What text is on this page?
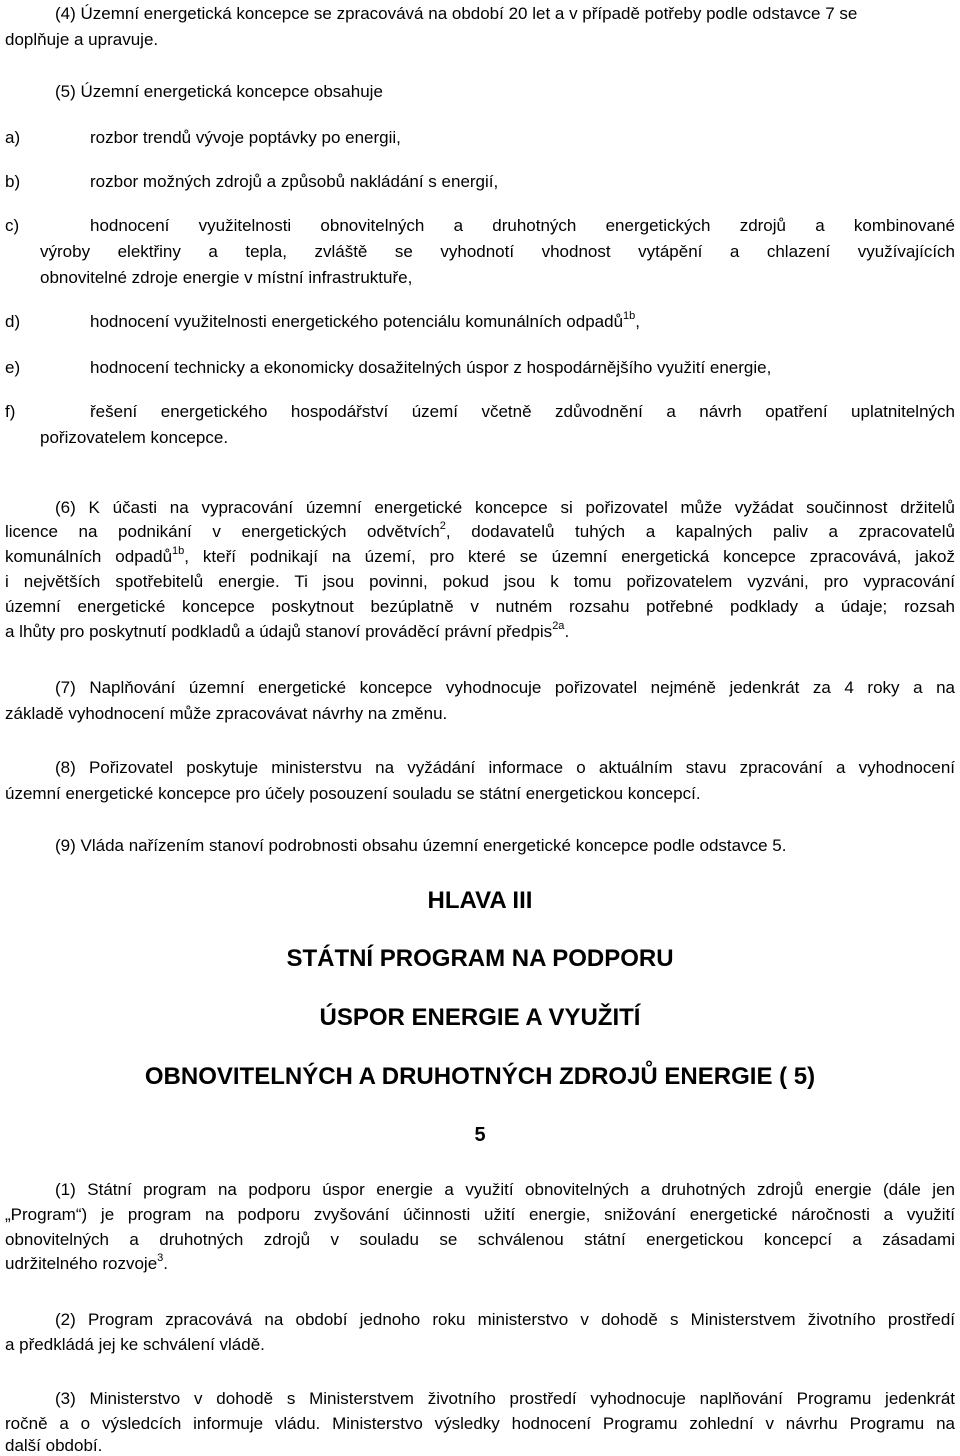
(4) Územní energetická koncepce se zpracovává na období 20 let a v případě potřeby podle odstavce 7 se
doplňuje a upravuje.
(5) Územní energetická koncepce obsahuje
a)	rozbor trendů vývoje poptávky po energii,
b)	rozbor možných zdrojů a způsobů nakládání s energií,
c)	hodnocení využitelnosti obnovitelných a druhotných energetických zdrojů a kombinované
výroby elektřiny a tepla, zvláště se vyhodnotí vhodnost vytápění a chlazení využívajících
obnovitelné zdroje energie v místní infrastruktuře,
d)	hodnocení využitelnosti energetického potenciálu komunálních odpadů$^{1b}$,
e)	hodnocení technicky a ekonomicky dosažitelných úspor z hospodárnějšího využití energie,
f)	řešení energetického hospodářství území včetně zdůvodnění a návrh opatření uplatnitelných
pořizovatelem koncepce.
(6) K účasti na vypracování územní energetické koncepce si pořizovatel může vyžádat součinnost držitelů
licence na podnikání v energetických odvětvích$^2$, dodavatelů tuhých a kapalných paliv a zpracovatelů
komunálních odpadů$^{1b}$, kteří podnikají na území, pro které se územní energetická koncepce zpracovává, jakož
i největších spotřebitelů energie. Ti jsou povinni, pokud jsou k tomu pořizovatelem vyzváni, pro vypracování
územní energetické koncepce poskytnout bezúplatně v nutném rozsahu potřebné podklady a údaje; rozsah
a lhůty pro poskytnutí podkladů a údajů stanoví prováděcí právní předpis$^{2a}$.
(7) Naplňování územní energetické koncepce vyhodnocuje pořizovatel nejméně jedenkrát za 4 roky a na
základě vyhodnocení může zpracovávat návrhy na změnu.
(8) Pořizovatel poskytuje ministerstvu na vyžádání informace o aktuálním stavu zpracování a vyhodnocení
územní energetické koncepce pro účely posouzení souladu se státní energetickou koncepcí.
(9) Vláda nařízením stanoví podrobnosti obsahu územní energetické koncepce podle odstavce 5.
HLAVA III
STÁTNÍ PROGRAM NA PODPORU
ÚSPOR ENERGIE A VYUŽITÍ
OBNOVITELNÝCH A DRUHOTNÝCH ZDROJŮ ENERGIE ( 5)
5
(1) Státní program na podporu úspor energie a využití obnovitelných a druhotných zdrojů energie (dále jen
„Program“) je program na podporu zvyšování účinnosti užití energie, snižování energetické náročnosti a využití
obnovitelných a druhotných zdrojů v souladu se schválenou státní energetickou koncepcí a zásadami
udržitelného rozvoje$^3$.
(2) Program zpracovává na období jednoho roku ministerstvo v dohodě s Ministerstvem životního prostředí
a předkládá jej ke schválení vládě.
(3) Ministerstvo v dohodě s Ministerstvem životního prostředí vyhodnocuje naplňování Programu jedenkrát
ročně a o výsledcích informuje vládu. Ministerstvo výsledky hodnocení Programu zohlední v návrhu Programu na
další období.
